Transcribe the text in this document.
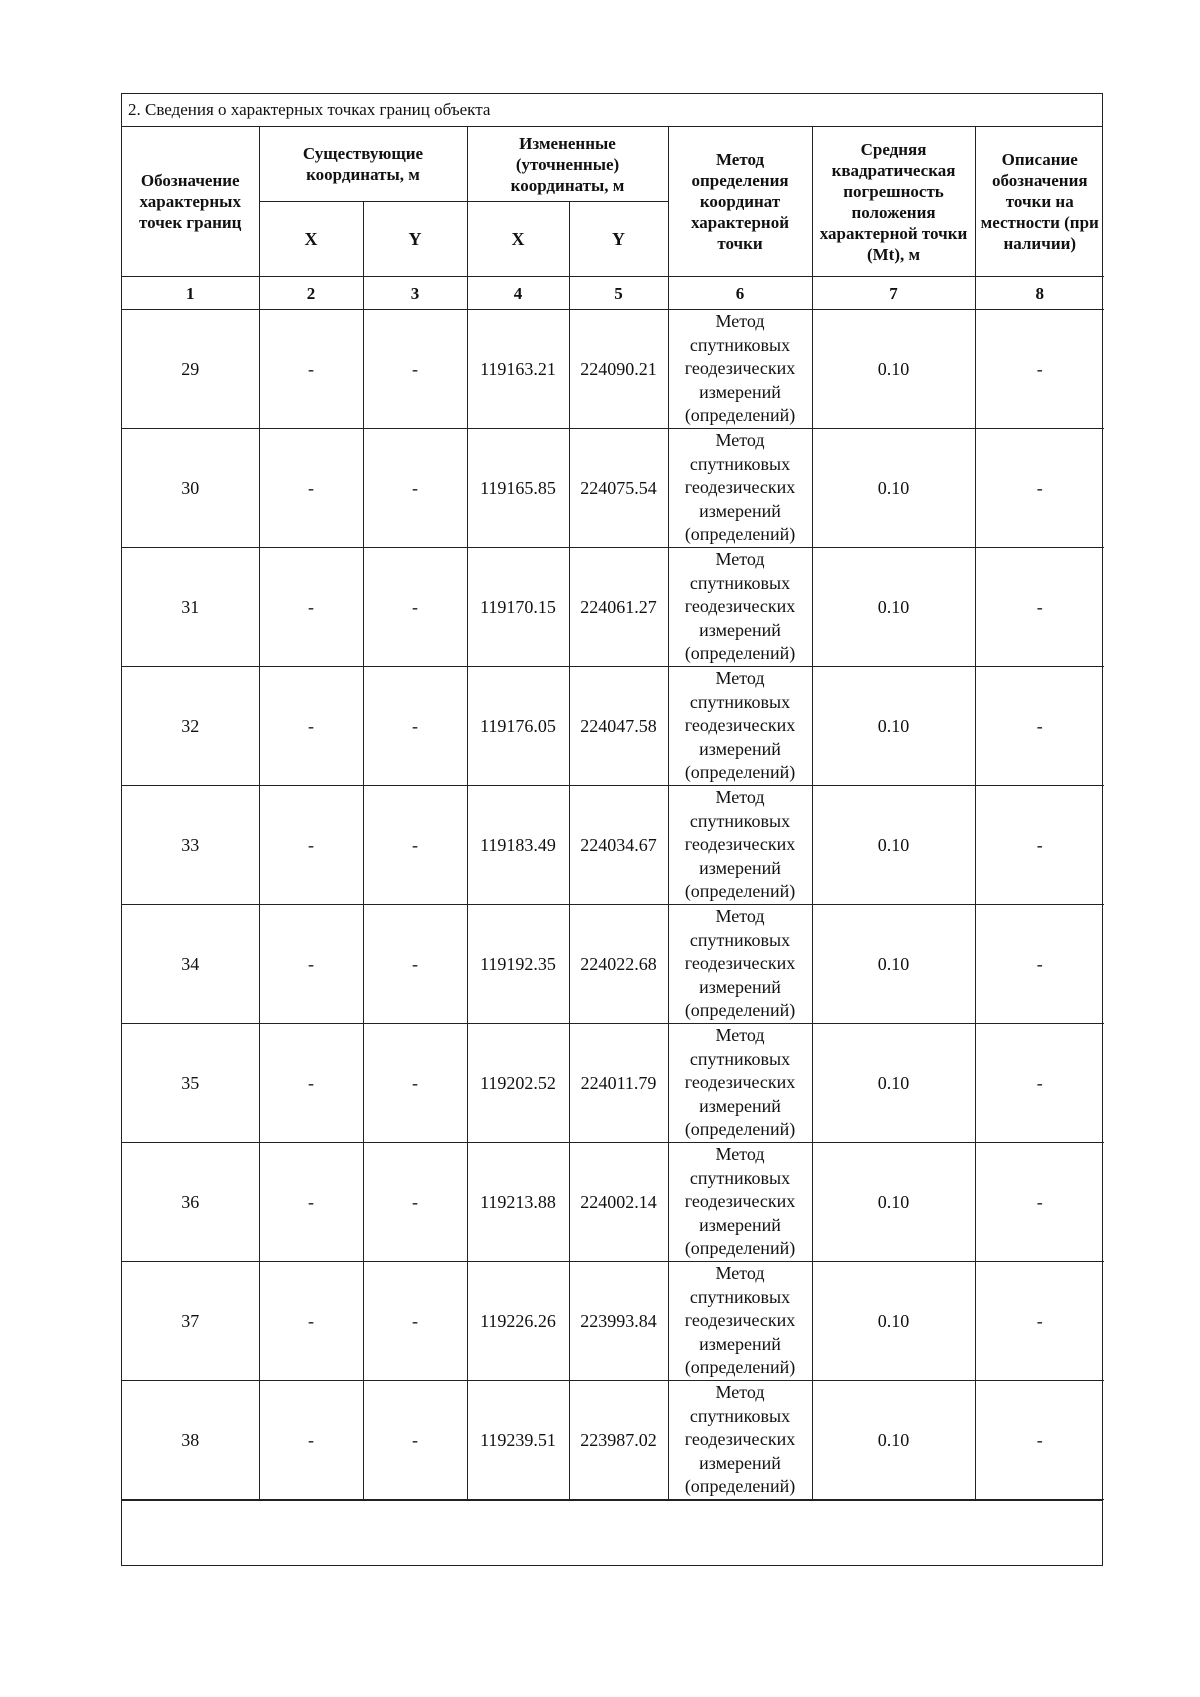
2. Сведения о характерных точках границ объекта
Обозначение характерных точек границ	Существующие координаты, м		Измененные (уточненные) координаты, м		Метод определения координат характерной точки	Средняя квадратическая погрешность положения характерной точки (Mt), м	Описание обозначения точки на местности (при наличии)
	X	Y	X	Y			
1	2	3	4	5	6	7	8
29	-	-	119163.21	224090.21	Метод
спутниковых
геодезических
измерений
(определений)	0.10	-
30	-	-	119165.85	224075.54	Метод
спутниковых
геодезических
измерений
(определений)	0.10	-
31	-	-	119170.15	224061.27	Метод
спутниковых
геодезических
измерений
(определений)	0.10	-
32	-	-	119176.05	224047.58	Метод
спутниковых
геодезических
измерений
(определений)	0.10	-
33	-	-	119183.49	224034.67	Метод
спутниковых
геодезических
измерений
(определений)	0.10	-
34	-	-	119192.35	224022.68	Метод
спутниковых
геодезических
измерений
(определений)	0.10	-
35	-	-	119202.52	224011.79	Метод
спутниковых
геодезических
измерений
(определений)	0.10	-
36	-	-	119213.88	224002.14	Метод
спутниковых
геодезических
измерений
(определений)	0.10	-
37	-	-	119226.26	223993.84	Метод
спутниковых
геодезических
измерений
(определений)	0.10	-
38	-	-	119239.51	223987.02	Метод
спутниковых
геодезических
измерений
(определений)	0.10	-
